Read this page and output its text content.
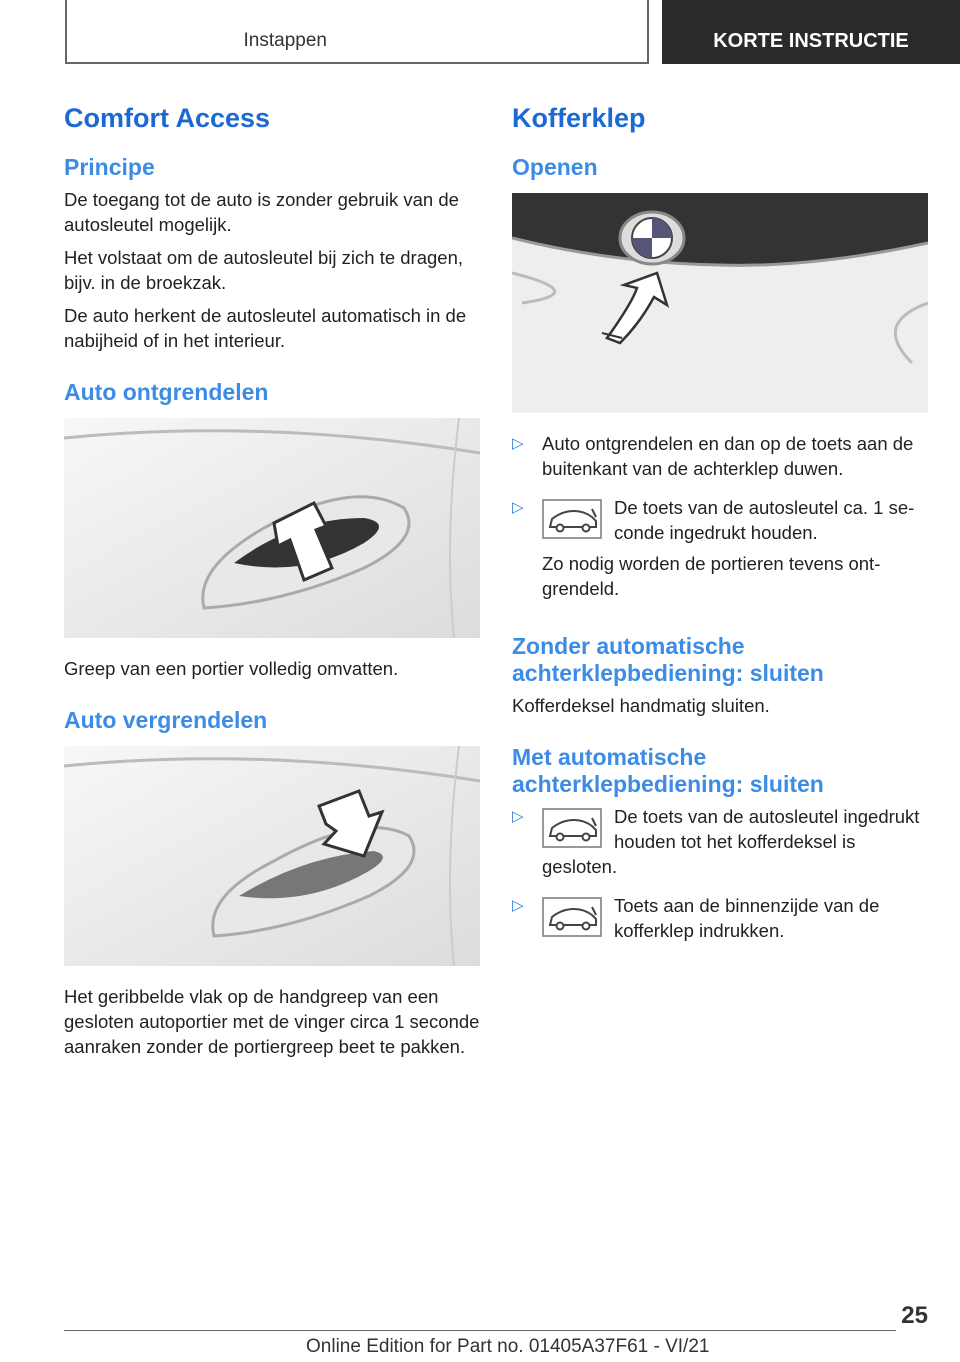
Instappen	KORTE INSTRUCTIE
Comfort Access
Principe

De toegang tot de auto is zonder gebruik van de autosleutel mogelijk.

Het volstaat om de autosleutel bij zich te dragen, bijv. in de broekzak.

De auto herkent de autosleutel automatisch in de nabijheid of in het interieur.

Auto ontgrendelen

Greep van een portier volledig omvatten.

Auto vergrendelen

Het geribbelde vlak op de handgreep van een gesloten autoportier met de vinger circa 1 seconde aanraken zonder de portiergreep beet te pakken.

Kofferklep
Openen
▷ Auto ontgrendelen en dan op de toets aan de buitenkant van de achterklep duwen.
▷	De toets van de autosleutel ca. 1 seconde ingedrukt houden.
Zo nodig worden de portieren tevens ontgrendeld.
Zonder automatische achterklepbediening: sluiten

Kofferdeksel handmatig sluiten.

Met automatische achterklepbediening: sluiten
▷	De toets van de autosleutel ingedrukt houden tot het kofferdeksel is gesloten.
▷	Toets aan de binnenzijde van de kofferklep indrukken.
25
Online Edition for Part no. 01405A37F61 - VI/21
